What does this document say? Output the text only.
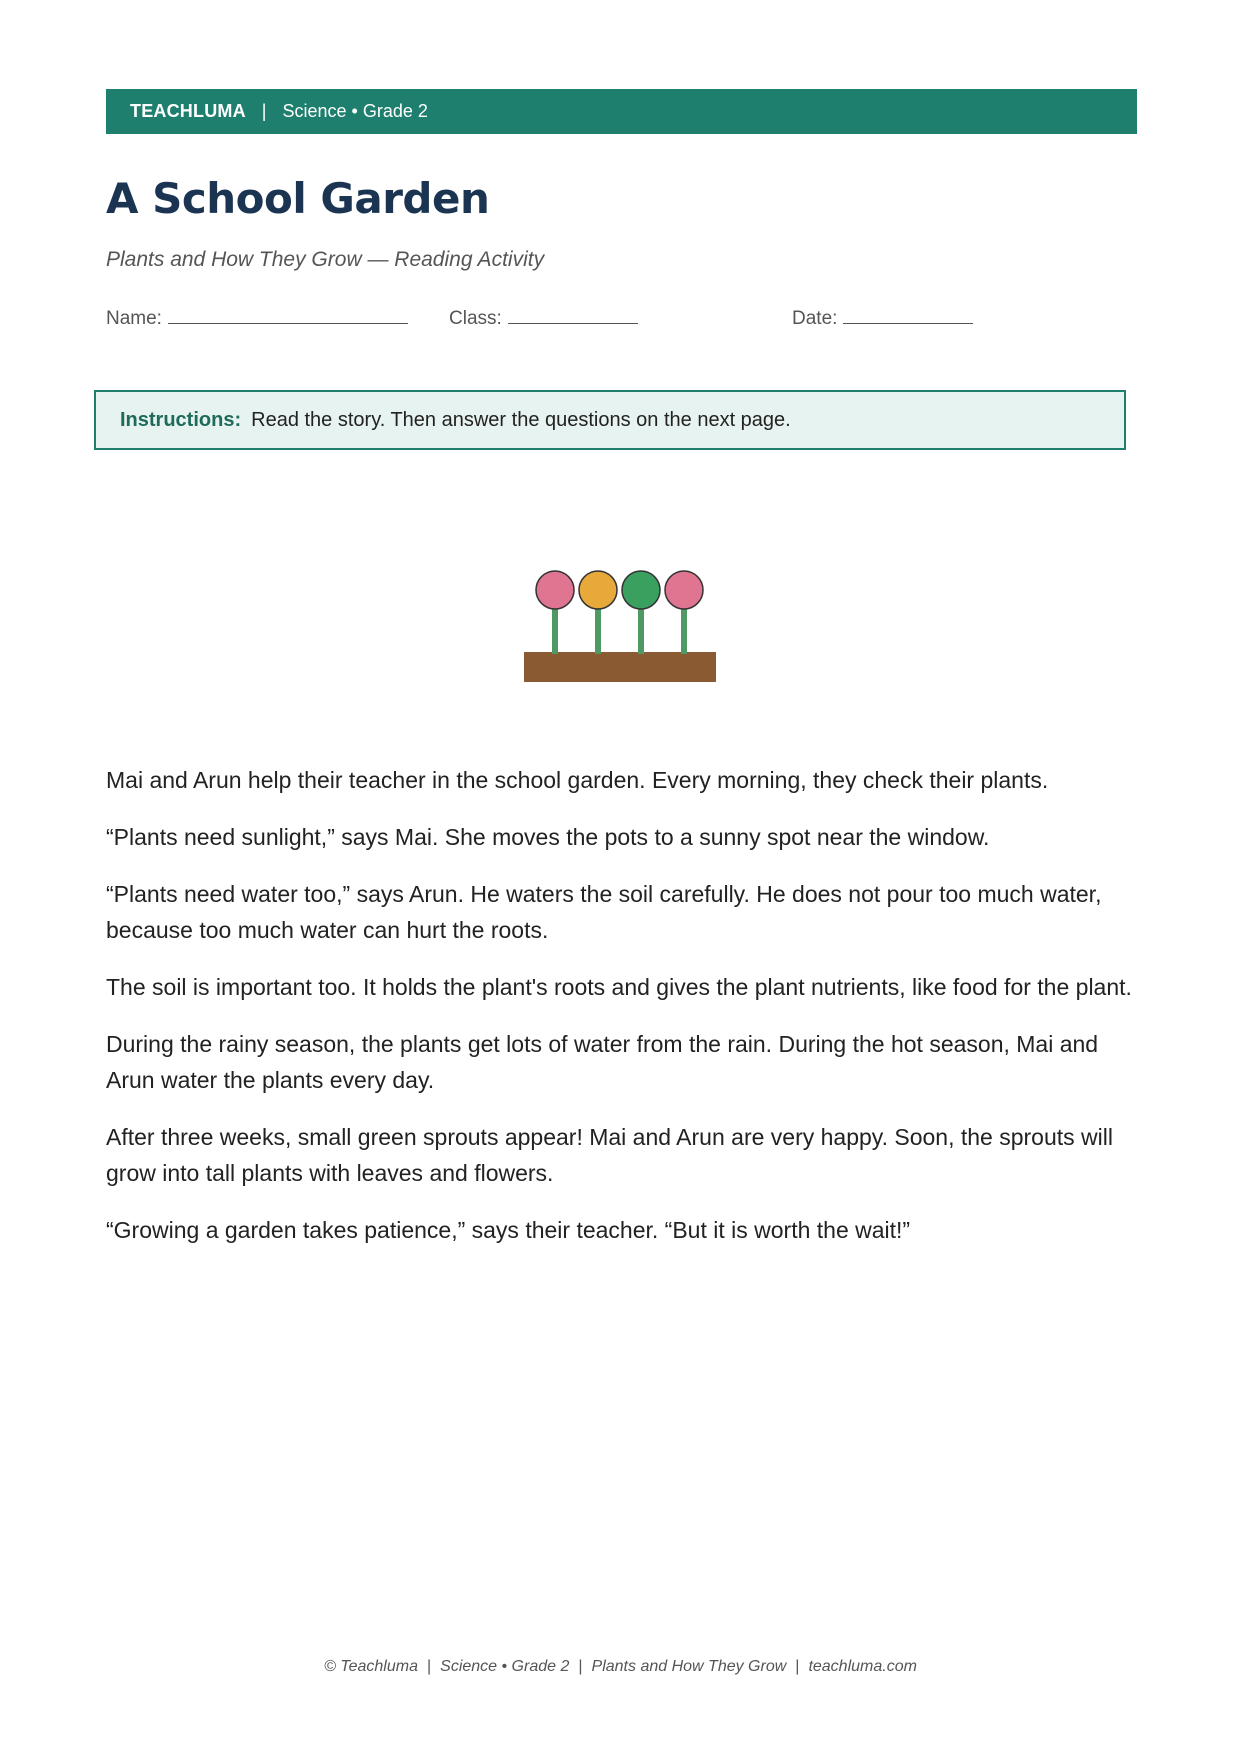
TEACHLUMA | Science • Grade 2
A School Garden
Plants and How They Grow — Reading Activity
Name:	Class:	Date:
Instructions: Read the story. Then answer the questions on the next page.

Mai and Arun help their teacher in the school garden. Every morning, they check their plants.

“Plants need sunlight,” says Mai. She moves the pots to a sunny spot near the window.

“Plants need water too,” says Arun. He waters the soil carefully. He does not pour too much water, because too much water can hurt the roots.

The soil is important too. It holds the plant's roots and gives the plant nutrients, like food for the plant.

During the rainy season, the plants get lots of water from the rain. During the hot season, Mai and Arun water the plants every day.

After three weeks, small green sprouts appear! Mai and Arun are very happy. Soon, the sprouts will grow into tall plants with leaves and flowers.

“Growing a garden takes patience,” says their teacher. “But it is worth the wait!”

© Teachluma | Science • Grade 2 | Plants and How They Grow | teachluma.com
